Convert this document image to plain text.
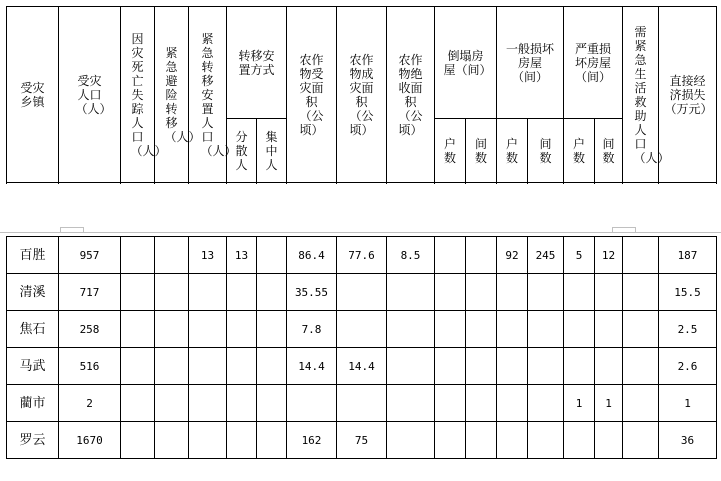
受灾乡镇	受灾人口（人）	因灾死亡失踪人口（人）	紧急避险转移（人）	紧急转移安置人口（人）	转移安置方式		农作物受灾面积（公顷）	农作物成灾面积（公顷）	农作物绝收面积（公顷）	倒塌房屋（间）		一般损坏房屋（间）		严重损坏房屋（间）		需紧急生活救助人口（人）	直接经济损失（万元）
					分散人	集中人				户数	间数	户数	间数	户数	间数		

百胜	957			13	13		86.4	77.6	8.5			92	245	5	12		187
清溪	717						35.55										15.5
焦石	258						7.8										2.5
马武	516						14.4	14.4									2.6
藺市	2													1	1		1
罗云	1670						162	75									36
